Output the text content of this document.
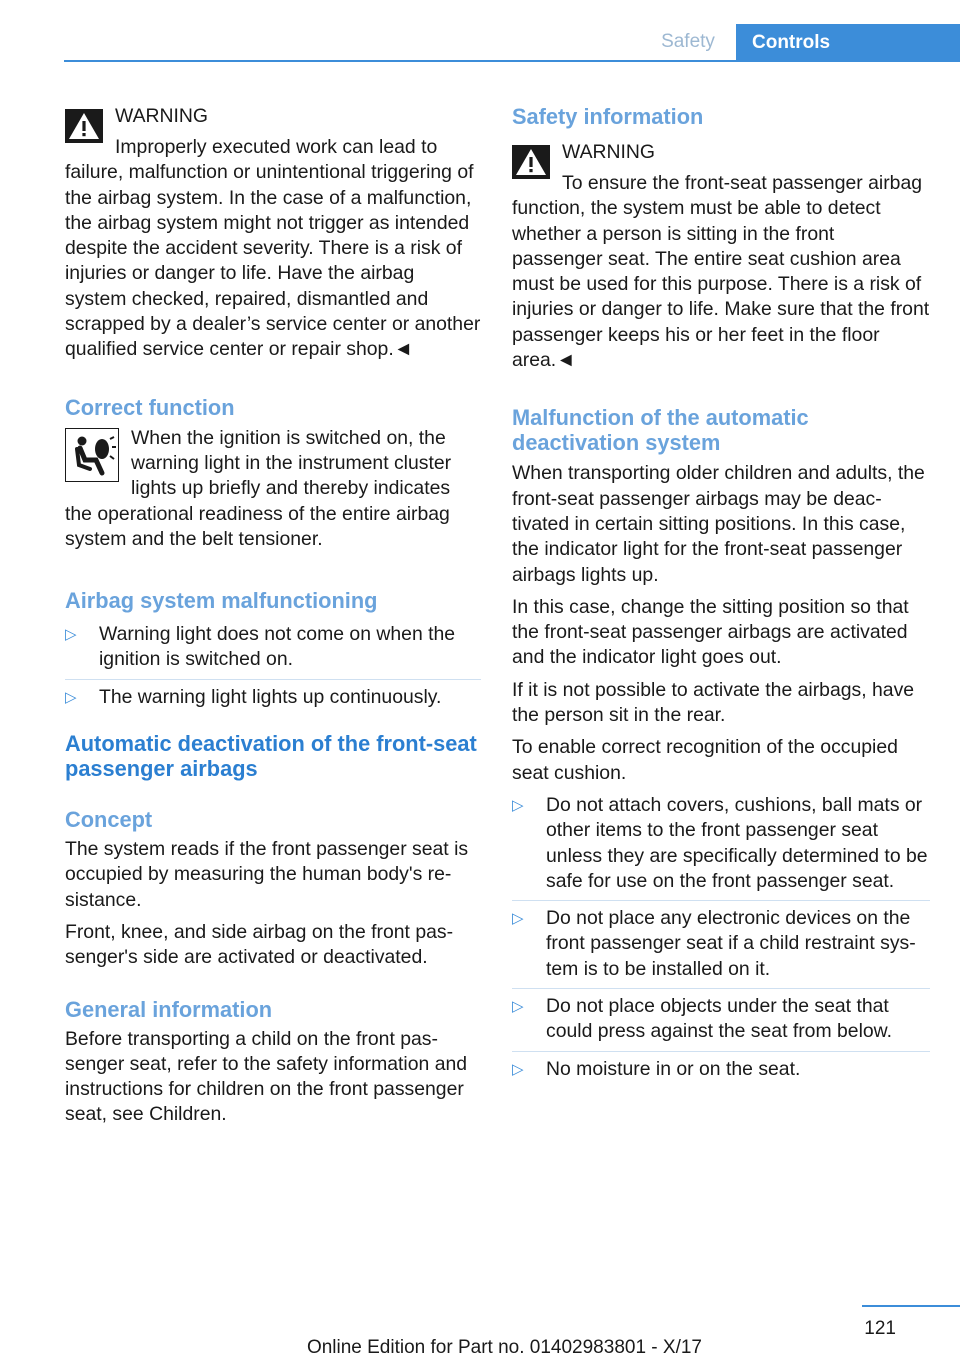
Safety	Controls
WARNING

Improperly executed work can lead to failure, malfunction or unintentional triggering of the airbag system. In the case of a malfunction, the airbag system might not trigger as intended despite the accident severity. There is a risk of injuries or danger to life. Have the airbag system checked, repaired, dismantled and scrapped by a dealer’s service center or another qualified service center or repair shop.◄

Correct function

When the ignition is switched on, the warning light in the instrument cluster lights up briefly and thereby indicates the operational readiness of the entire airbag system and the belt tensioner.

Airbag system malfunctioning
▷ Warning light does not come on when the ignition is switched on.
▷ The warning light lights up continuously.
Automatic deactivation of the front-seat passenger airbags
Concept

The system reads if the front passenger seat is occupied by measuring the human body's resistance.

Front, knee, and side airbag on the front passenger's side are activated or deactivated.

General information

Before transporting a child on the front passenger seat, refer to the safety information and instructions for children on the front passenger seat, see Children.

Safety information
WARNING

To ensure the front-seat passenger airbag function, the system must be able to detect whether a person is sitting in the front passenger seat. The entire seat cushion area must be used for this purpose. There is a risk of injuries or danger to life. Make sure that the front passenger keeps his or her feet in the floor area.◄

Malfunction of the automatic deactivation system

When transporting older children and adults, the front-seat passenger airbags may be deactivated in certain sitting positions. In this case, the indicator light for the front-seat passenger airbags lights up.

In this case, change the sitting position so that the front-seat passenger airbags are activated and the indicator light goes out.

If it is not possible to activate the airbags, have the person sit in the rear.

To enable correct recognition of the occupied seat cushion.

▷ Do not attach covers, cushions, ball mats or other items to the front passenger seat unless they are specifically determined to be safe for use on the front passenger seat.
▷ Do not place any electronic devices on the front passenger seat if a child restraint system is to be installed on it.
▷ Do not place objects under the seat that could press against the seat from below.
▷ No moisture in or on the seat.
121
Online Edition for Part no. 01402983801 - X/17
